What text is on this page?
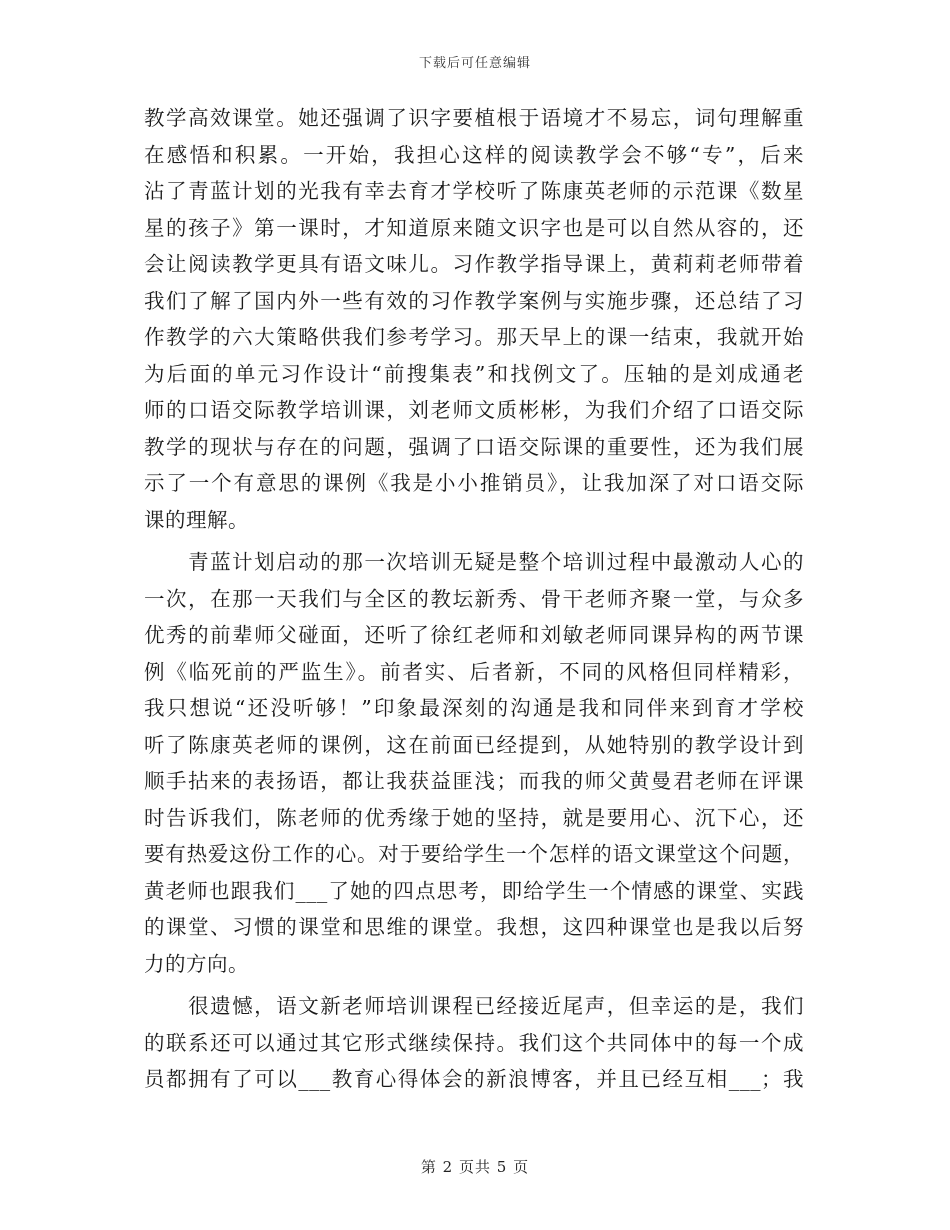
下载后可任意编辑
教学高效课堂。她还强调了识字要植根于语境才不易忘，词句理解重
在感悟和积累。一开始，我担心这样的阅读教学会不够“专”，后来
沾了青蓝计划的光我有幸去育才学校听了陈康英老师的示范课《数星
星的孩子》第一课时，才知道原来随文识字也是可以自然从容的，还
会让阅读教学更具有语文味儿。习作教学指导课上，黄莉莉老师带着
我们了解了国内外一些有效的习作教学案例与实施步骤，还总结了习
作教学的六大策略供我们参考学习。那天早上的课一结束，我就开始
为后面的单元习作设计“前搜集表”和找例文了。压轴的是刘成通老
师的口语交际教学培训课，刘老师文质彬彬，为我们介绍了口语交际
教学的现状与存在的问题，强调了口语交际课的重要性，还为我们展
示了一个有意思的课例《我是小小推销员》，让我加深了对口语交际
课的理解。
　　青蓝计划启动的那一次培训无疑是整个培训过程中最激动人心的
一次，在那一天我们与全区的教坛新秀、骨干老师齐聚一堂，与众多
优秀的前辈师父碰面，还听了徐红老师和刘敏老师同课异构的两节课
例《临死前的严监生》。前者实、后者新，不同的风格但同样精彩，
我只想说“还没听够！”印象最深刻的沟通是我和同伴来到育才学校
听了陈康英老师的课例，这在前面已经提到，从她特别的教学设计到
顺手拈来的表扬语，都让我获益匪浅；而我的师父黄曼君老师在评课
时告诉我们，陈老师的优秀缘于她的坚持，就是要用心、沉下心，还
要有热爱这份工作的心。对于要给学生一个怎样的语文课堂这个问题，
黄老师也跟我们___了她的四点思考，即给学生一个情感的课堂、实践
的课堂、习惯的课堂和思维的课堂。我想，这四种课堂也是我以后努
力的方向。
　　很遗憾，语文新老师培训课程已经接近尾声，但幸运的是，我们
的联系还可以通过其它形式继续保持。我们这个共同体中的每一个成
员都拥有了可以___教育心得体会的新浪博客，并且已经互相___；我
第 2 页共 5 页
